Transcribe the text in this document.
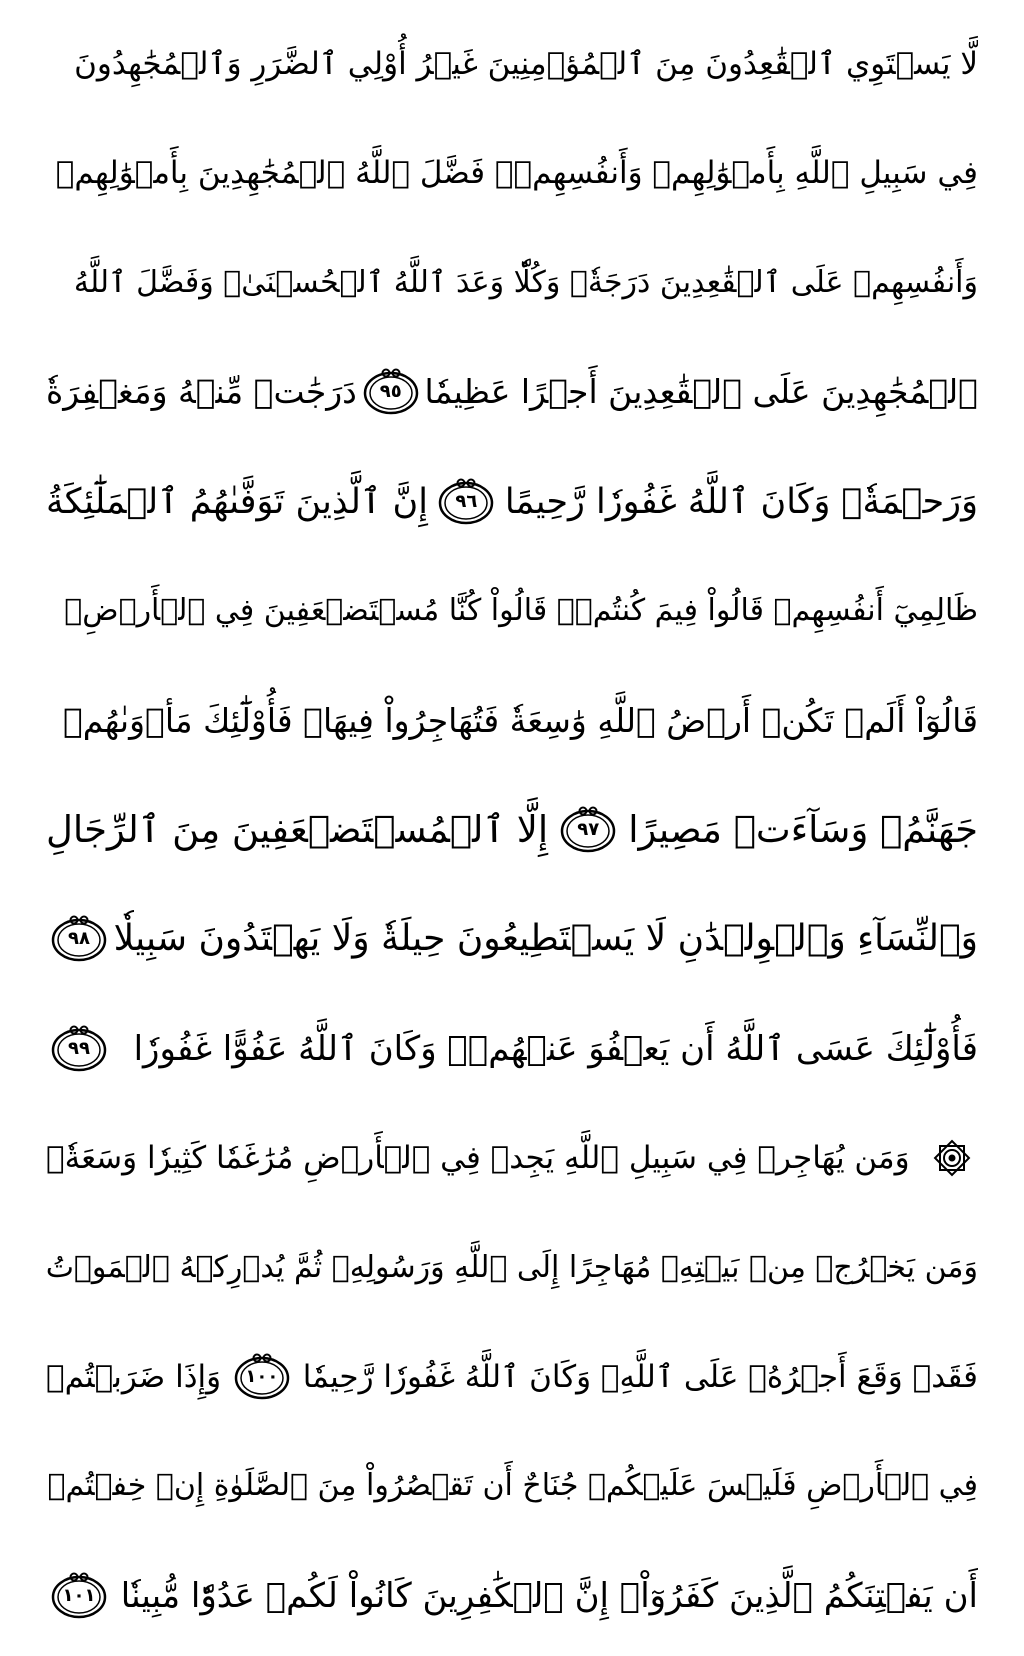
لَّا يَسۡتَوِي ٱلۡقَٰعِدُونَ مِنَ ٱلۡمُؤۡمِنِينَ غَيۡرُ أُوْلِي ٱلضَّرَرِ وَٱلۡمُجَٰهِدُونَ
فِي سَبِيلِ ٱللَّهِ بِأَمۡوَٰلِهِمۡ وَأَنفُسِهِمۡۚ فَضَّلَ ٱللَّهُ ٱلۡمُجَٰهِدِينَ بِأَمۡوَٰلِهِمۡ
وَأَنفُسِهِمۡ عَلَى ٱلۡقَٰعِدِينَ دَرَجَةٗۚ وَكُلّٗا وَعَدَ ٱللَّهُ ٱلۡحُسۡنَىٰۚ وَفَضَّلَ ٱللَّهُ
ٱلۡمُجَٰهِدِينَ عَلَى ٱلۡقَٰعِدِينَ أَجۡرًا عَظِيمٗا
٩٥
دَرَجَٰتٖ مِّنۡهُ وَمَغۡفِرَةٗ
وَرَحۡمَةٗۚ وَكَانَ ٱللَّهُ غَفُورٗا رَّحِيمًا
٩٦
إِنَّ ٱلَّذِينَ تَوَفَّىٰهُمُ ٱلۡمَلَٰٓئِكَةُ
ظَالِمِيٓ أَنفُسِهِمۡ قَالُواْ فِيمَ كُنتُمۡۖ قَالُواْ كُنَّا مُسۡتَضۡعَفِينَ فِي ٱلۡأَرۡضِۚ
قَالُوٓاْ أَلَمۡ تَكُنۡ أَرۡضُ ٱللَّهِ وَٰسِعَةٗ فَتُهَاجِرُواْ فِيهَاۚ فَأُوْلَٰٓئِكَ مَأۡوَىٰهُمۡ
جَهَنَّمُۖ وَسَآءَتۡ مَصِيرًا
٩٧
إِلَّا ٱلۡمُسۡتَضۡعَفِينَ مِنَ ٱلرِّجَالِ
وَٱلنِّسَآءِ وَٱلۡوِلۡدَٰنِ لَا يَسۡتَطِيعُونَ حِيلَةٗ وَلَا يَهۡتَدُونَ سَبِيلٗا
٩٨
فَأُوْلَٰٓئِكَ عَسَى ٱللَّهُ أَن يَعۡفُوَ عَنۡهُمۡۚ وَكَانَ ٱللَّهُ عَفُوًّا غَفُورٗا
٩٩
وَمَن يُهَاجِرۡ فِي سَبِيلِ ٱللَّهِ يَجِدۡ فِي ٱلۡأَرۡضِ مُرَٰغَمٗا كَثِيرٗا وَسَعَةٗۚ
وَمَن يَخۡرُجۡ مِنۢ بَيۡتِهِۦ مُهَاجِرًا إِلَى ٱللَّهِ وَرَسُولِهِۦ ثُمَّ يُدۡرِكۡهُ ٱلۡمَوۡتُ
فَقَدۡ وَقَعَ أَجۡرُهُۥ عَلَى ٱللَّهِۗ وَكَانَ ٱللَّهُ غَفُورٗا رَّحِيمٗا
١٠٠
وَإِذَا ضَرَبۡتُمۡ
فِي ٱلۡأَرۡضِ فَلَيۡسَ عَلَيۡكُمۡ جُنَاحٌ أَن تَقۡصُرُواْ مِنَ ٱلصَّلَوٰةِ إِنۡ خِفۡتُمۡ
أَن يَفۡتِنَكُمُ ٱلَّذِينَ كَفَرُوٓاْۚ إِنَّ ٱلۡكَٰفِرِينَ كَانُواْ لَكُمۡ عَدُوّٗا مُّبِينٗا
١٠١
